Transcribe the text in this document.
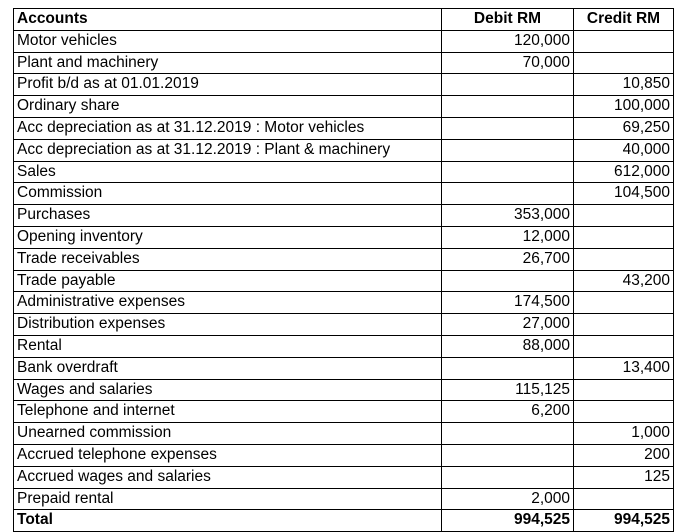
Accounts	Debit RM	Credit RM
Motor vehicles	120,000	
Plant and machinery	70,000	
Profit b/d as at 01.01.2019		10,850
Ordinary share		100,000
Acc depreciation as at 31.12.2019 : Motor vehicles		69,250
Acc depreciation as at 31.12.2019 : Plant & machinery		40,000
Sales		612,000
Commission		104,500
Purchases	353,000	
Opening inventory	12,000	
Trade receivables	26,700	
Trade payable		43,200
Administrative expenses	174,500	
Distribution expenses	27,000	
Rental	88,000	
Bank overdraft		13,400
Wages and salaries	115,125	
Telephone and internet	6,200	
Unearned commission		1,000
Accrued telephone expenses		200
Accrued wages and salaries		125
Prepaid rental	2,000	
Total	994,525	994,525
